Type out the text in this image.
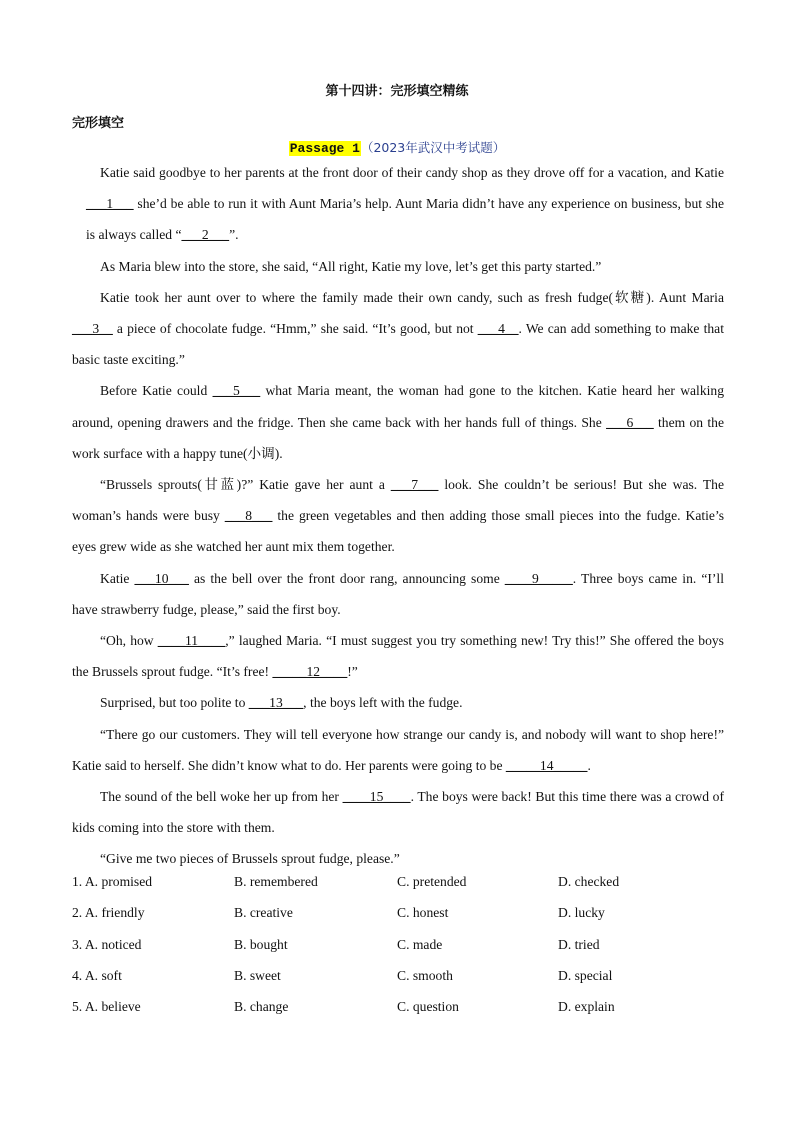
第十四讲：完形填空精练
完形填空
Passage 1（2023年武汉中考试题）

Katie said goodbye to her parents at the front door of their candy shop as they drove off for a vacation, and Katie ___1___ she’d be able to run it with Aunt Maria’s help. Aunt Maria didn’t have any experience on business, but she is always called “___2___”.

As Maria blew into the store, she said, “All right, Katie my love, let’s get this party started.”

Katie took her aunt over to where the family made their own candy, such as fresh fudge(软糖). Aunt Maria ___3__ a piece of chocolate fudge. “Hmm,” she said. “It’s good, but not ___4__. We can add something to make that basic taste exciting.”

Before Katie could ___5___ what Maria meant, the woman had gone to the kitchen. Katie heard her walking around, opening drawers and the fridge. Then she came back with her hands full of things. She ___6___ them on the work surface with a happy tune(小调).

“Brussels sprouts(甘蓝)?” Katie gave her aunt a ___7___ look. She couldn’t be serious! But she was. The woman’s hands were busy ___8___ the green vegetables and then adding those small pieces into the fudge. Katie’s eyes grew wide as she watched her aunt mix them together.

Katie ___10___ as the bell over the front door rang, announcing some ____9_____. Three boys came in. “I’ll have strawberry fudge, please,” said the first boy.

“Oh, how ____11____,” laughed Maria. “I must suggest you try something new! Try this!” She offered the boys the Brussels sprout fudge. “It’s free! _____12____!”

Surprised, but too polite to ___13___, the boys left with the fudge.

“There go our customers. They will tell everyone how strange our candy is, and nobody will want to shop here!” Katie said to herself. She didn’t know what to do. Her parents were going to be _____14_____.

The sound of the bell woke her up from her ____15____. The boys were back! But this time there was a crowd of kids coming into the store with them.

“Give me two pieces of Brussels sprout fudge, please.”

1. A. promised	B. remembered	C. pretended	D. checked
2. A. friendly	B. creative	C. honest	D. lucky
3. A. noticed	B. bought	C. made	D. tried
4. A. soft	B. sweet	C. smooth	D. special
5. A. believe	B. change	C. question	D. explain
